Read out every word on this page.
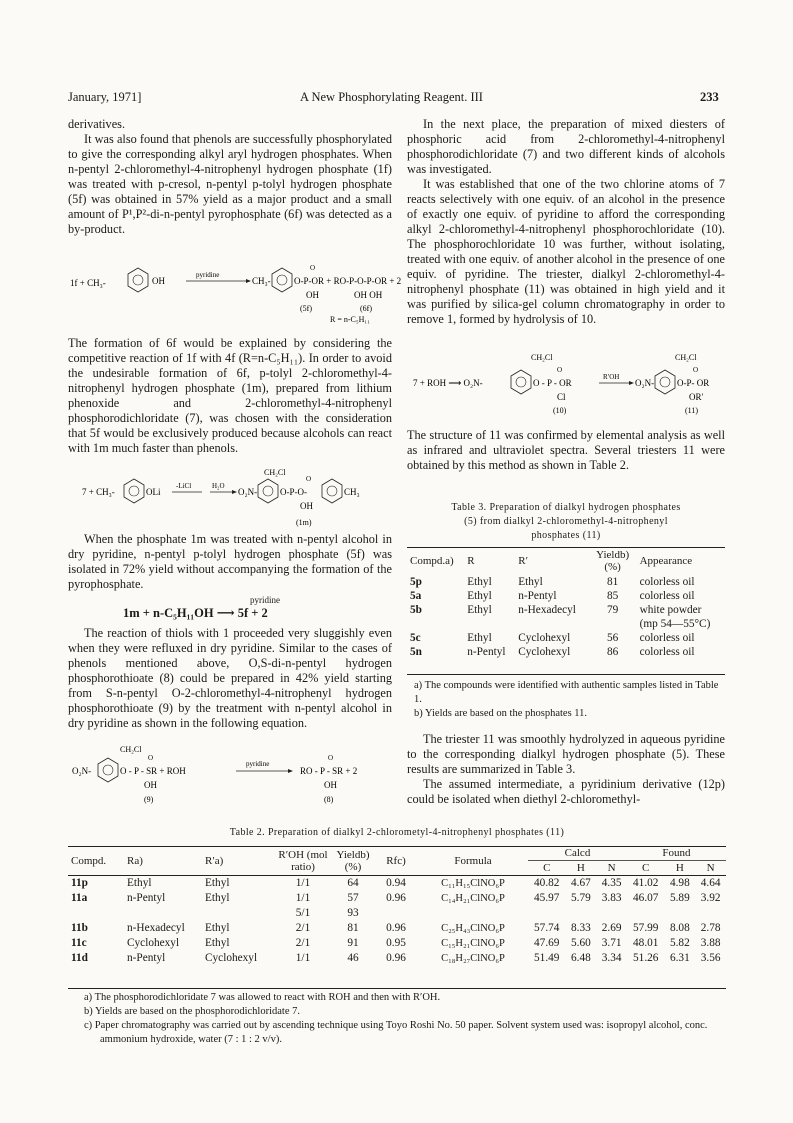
January, 1971]	A New Phosphorylating Reagent. III	233

derivatives.

It was also found that phenols are successfully phosphorylated to give the corresponding alkyl aryl hydrogen phosphates. When n-pentyl 2-chloromethyl-4-nitrophenyl hydrogen phosphate (1f) was treated with p-cresol, n-pentyl p-tolyl hydrogen phosphate (5f) was obtained in 57% yield as a major product and a small amount of P¹,P²-di-n-pentyl pyrophosphate (6f) was detected as a by-product.

1f + CH₃-	OH
pyridine
CH₃-	O-P-OR + RO-P-O-P-OR + 2
O
OH	OH OH
(5f)	(6f)
R = n-C₅H₁₁

The formation of 6f would be explained by considering the competitive reaction of 1f with 4f (R=n-C₅H₁₁). In order to avoid the undesirable formation of 6f, p-tolyl 2-chloromethyl-4-nitrophenyl hydrogen phosphate (1m), prepared from lithium phenoxide and 2-chloromethyl-4-nitrophenyl phosphorodichloridate (7), was chosen with the consideration that 5f would be exclusively produced because alcohols can react with 1m much faster than phenols.

7 + CH₃-	OLi
-LiCl	H₂O
O₂N-
CH₂Cl
O-P-O-
O
CH₃
OH
(1m)

When the phosphate 1m was treated with n-pentyl alcohol in dry pyridine, n-pentyl p-tolyl hydrogen phosphate (5f) was isolated in 72% yield without accompanying the formation of the pyrophosphate.

pyridine
1m + n-C₅H₁₁OH ⟶ 5f + 2

The reaction of thiols with 1 proceeded very sluggishly even when they were refluxed in dry pyridine. Similar to the cases of phenols mentioned above, O,S-di-n-pentyl hydrogen phosphorothioate (8) could be prepared in 42% yield starting from S-n-pentyl O-2-chloromethyl-4-nitrophenyl hydrogen phosphorothioate (9) by the treatment with n-pentyl alcohol in dry pyridine as shown in the following equation.

CH₂Cl
O₂N-	O - P - SR + ROH
O
OH
(9)
pyridine
RO - P - SR + 2
O
OH
(8)

In the next place, the preparation of mixed diesters of phosphoric acid from 2-chloromethyl-4-nitrophenyl phosphorodichloridate (7) and two different kinds of alcohols was investigated.

It was established that one of the two chlorine atoms of 7 reacts selectively with one equiv. of an alcohol in the presence of exactly one equiv. of pyridine to afford the corresponding alkyl 2-chloromethyl-4-nitrophenyl phosphorochloridate (10). The phosphorochloridate 10 was further, without isolating, treated with one equiv. of another alcohol in the presence of one equiv. of pyridine. The triester, dialkyl 2-chloromethyl-4-nitrophenyl phosphate (11) was obtained in high yield and it was purified by silica-gel column chromatography in order to remove 1, formed by hydrolysis of 10.

7 + ROH ⟶ O₂N-
CH₂Cl
O - P - OR
O
Cl
(10)
R′OH
O₂N-
CH₂Cl
O-P- OR
O
OR′
(11)

The structure of 11 was confirmed by elemental analysis as well as infrared and ultraviolet spectra. Several triesters 11 were obtained by this method as shown in Table 2.

Table 3. Preparation of dialkyl hydrogen phosphates
(5) from dialkyl 2-chloromethyl-4-nitrophenyl
phosphates (11)
Compd.a)	R	R′	Yieldb) (%)	Appearance
5p	Ethyl	Ethyl	81	colorless oil
5a	Ethyl	n-Pentyl	85	colorless oil
5b	Ethyl	n-Hexadecyl	79	white powder
				(mp 54—55°C)
5c	Ethyl	Cyclohexyl	56	colorless oil
5n	n-Pentyl	Cyclohexyl	86	colorless oil
a) The compounds were identified with authentic samples listed in Table 1.
b) Yields are based on the phosphates 11.

The triester 11 was smoothly hydrolyzed in aqueous pyridine to the corresponding dialkyl hydrogen phosphate (5). These results are summarized in Table 3.

The assumed intermediate, a pyridinium derivative (12p) could be isolated when diethyl 2-chloromethyl-

Table 2. Preparation of dialkyl 2-chlorometyl-4-nitrophenyl phosphates (11)
Compd.	Ra)	R′a)	R′OH (mol ratio)	Yieldb) (%)	Rfc)	Formula	Calcd			Found		
							C	H	N	C	H	N
11p	Ethyl	Ethyl	1/1	64	0.94	C₁₁H₁₅ClNO₆P	40.82	4.67	4.35	41.02	4.98	4.64
11a	n-Pentyl	Ethyl	1/1	57	0.96	C₁₄H₂₁ClNO₆P	45.97	5.79	3.83	46.07	5.89	3.92
			5/1	93								
11b	n-Hexadecyl	Ethyl	2/1	81	0.96	C₂₅H₄₃ClNO₆P	57.74	8.33	2.69	57.99	8.08	2.78
11c	Cyclohexyl	Ethyl	2/1	91	0.95	C₁₅H₂₁ClNO₆P	47.69	5.60	3.71	48.01	5.82	3.88
11d	n-Pentyl	Cyclohexyl	1/1	46	0.96	C₁₈H₂₇ClNO₆P	51.49	6.48	3.34	51.26	6.31	3.56
a) The phosphorodichloridate 7 was allowed to react with ROH and then with R′OH.
b) Yields are based on the phosphorodichloridate 7.
c) Paper chromatography was carried out by ascending technique using Toyo Roshi No. 50 paper. Solvent system used was: isopropyl alcohol, conc. ammonium hydroxide, water (7 : 1 : 2 v/v).
